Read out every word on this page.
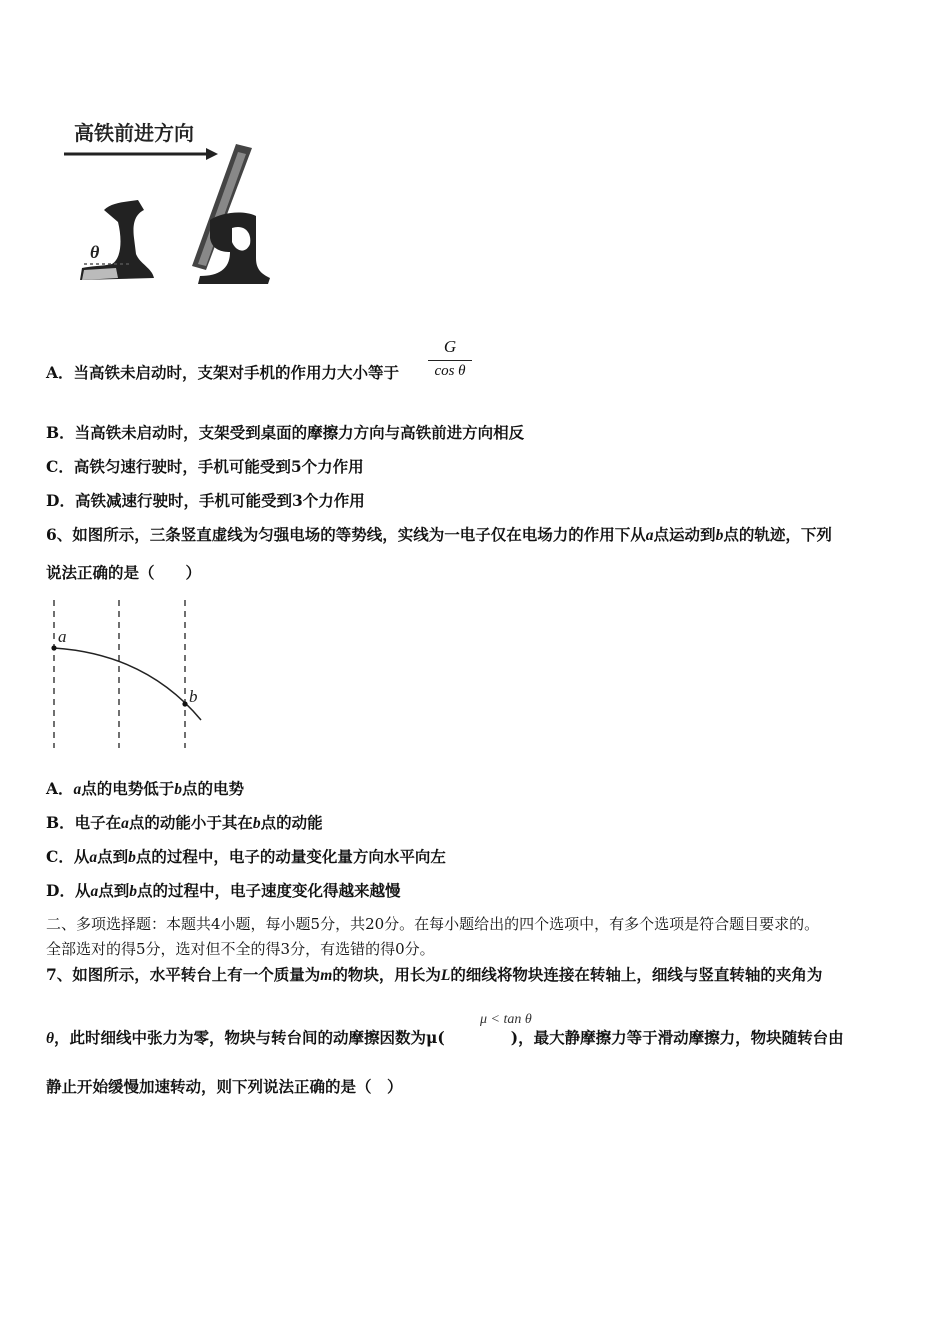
高铁前进方向
θ
A．当高铁未启动时，支架对手机的作用力大小等于
G
cos θ
B．当高铁未启动时，支架受到桌面的摩擦力方向与高铁前进方向相反
C．高铁匀速行驶时，手机可能受到5个力作用
D．高铁减速行驶时，手机可能受到3个力作用
6、如图所示，三条竖直虚线为匀强电场的等势线，实线为一电子仅在电场力的作用下从a点运动到b点的轨迹，下列
说法正确的是（　　）
a
b
A．a点的电势低于b点的电势
B．电子在a点的动能小于其在b点的动能
C．从a点到b点的过程中，电子的动量变化量方向水平向左
D．从a点到b点的过程中，电子速度变化得越来越慢
二、多项选择题：本题共4小题，每小题5分，共20分。在每小题给出的四个选项中，有多个选项是符合题目要求的。
全部选对的得5分，选对但不全的得3分，有选错的得0分。
7、如图所示，水平转台上有一个质量为m的物块，用长为L的细线将物块连接在转轴上，细线与竖直转轴的夹角为
μ < tan θ
θ，此时细线中张力为零，物块与转台间的动摩擦因数为μ(	)，最大静摩擦力等于滑动摩擦力，物块随转台由
静止开始缓慢加速转动，则下列说法正确的是（　）
